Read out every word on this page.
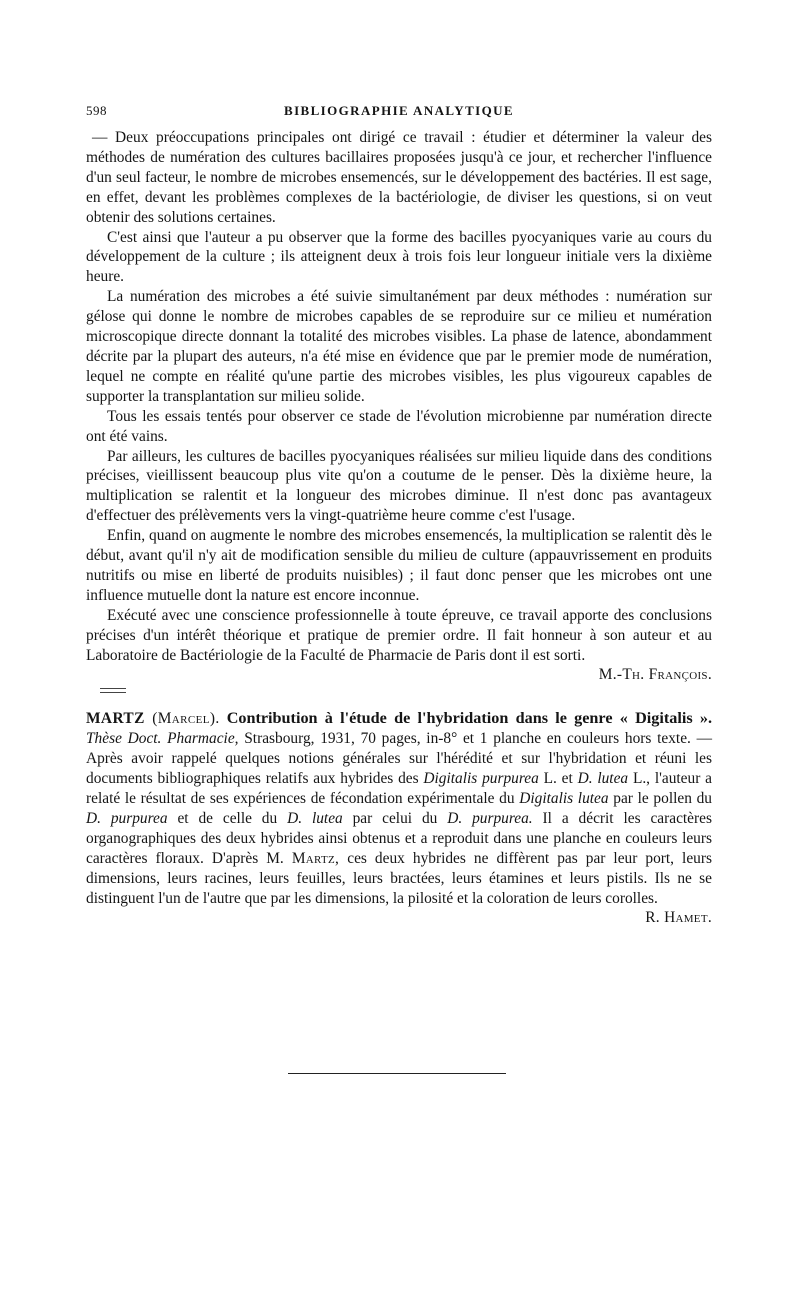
598	BIBLIOGRAPHIE ANALYTIQUE

— Deux préoccupations principales ont dirigé ce travail : étudier et déterminer la valeur des méthodes de numération des cultures bacillaires proposées jusqu'à ce jour, et rechercher l'influence d'un seul facteur, le nombre de microbes ensemencés, sur le développement des bactéries. Il est sage, en effet, devant les problèmes complexes de la bactériologie, de diviser les questions, si on veut obtenir des solutions certaines.

C'est ainsi que l'auteur a pu observer que la forme des bacilles pyocyaniques varie au cours du développement de la culture ; ils atteignent deux à trois fois leur longueur initiale vers la dixième heure.

La numération des microbes a été suivie simultanément par deux méthodes : numération sur gélose qui donne le nombre de microbes capables de se reproduire sur ce milieu et numération microscopique directe donnant la totalité des microbes visibles. La phase de latence, abondamment décrite par la plupart des auteurs, n'a été mise en évidence que par le premier mode de numération, lequel ne compte en réalité qu'une partie des microbes visibles, les plus vigoureux capables de supporter la transplantation sur milieu solide.

Tous les essais tentés pour observer ce stade de l'évolution microbienne par numération directe ont été vains.

Par ailleurs, les cultures de bacilles pyocyaniques réalisées sur milieu liquide dans des conditions précises, vieillissent beaucoup plus vite qu'on a coutume de le penser. Dès la dixième heure, la multiplication se ralentit et la longueur des microbes diminue. Il n'est donc pas avantageux d'effectuer des prélèvements vers la vingt-quatrième heure comme c'est l'usage.

Enfin, quand on augmente le nombre des microbes ensemencés, la multiplication se ralentit dès le début, avant qu'il n'y ait de modification sensible du milieu de culture (appauvrissement en produits nutritifs ou mise en liberté de produits nuisibles) ; il faut donc penser que les microbes ont une influence mutuelle dont la nature est encore inconnue.

Exécuté avec une conscience professionnelle à toute épreuve, ce travail apporte des conclusions précises d'un intérêt théorique et pratique de premier ordre. Il fait honneur à son auteur et au Laboratoire de Bactériologie de la Faculté de Pharmacie de Paris dont il est sorti.

M.-Th. François.

MARTZ (Marcel). Contribution à l'étude de l'hybridation dans le genre « Digitalis ». Thèse Doct. Pharmacie, Strasbourg, 1931, 70 pages, in-8° et 1 planche en couleurs hors texte. — Après avoir rappelé quelques notions générales sur l'hérédité et sur l'hybridation et réuni les documents bibliographiques relatifs aux hybrides des Digitalis purpurea L. et D. lutea L., l'auteur a relaté le résultat de ses expériences de fécondation expérimentale du Digitalis lutea par le pollen du D. purpurea et de celle du D. lutea par celui du D. purpurea. Il a décrit les caractères organographiques des deux hybrides ainsi obtenus et a reproduit dans une planche en couleurs leurs caractères floraux. D'après M. Martz, ces deux hybrides ne diffèrent pas par leur port, leurs dimensions, leurs racines, leurs feuilles, leurs bractées, leurs étamines et leurs pistils. Ils ne se distinguent l'un de l'autre que par les dimensions, la pilosité et la coloration de leurs corolles.

R. Hamet.
